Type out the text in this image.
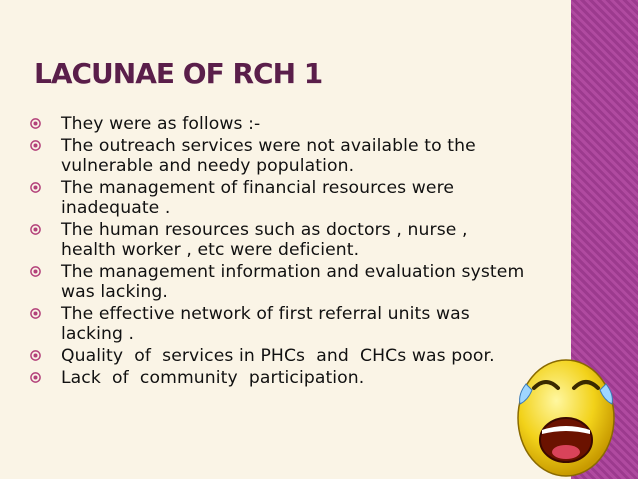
LACUNAE OF RCH 1
They were as follows :-
The outreach services were not available to the
vulnerable and needy population.
The management of financial resources were
inadequate .
The human resources such as doctors , nurse ,
health worker , etc were deficient.
The management information and evaluation system
was lacking.
The effective network of first referral units was
lacking .
Quality  of  services in PHCs  and  CHCs was poor.
Lack  of  community  participation.
